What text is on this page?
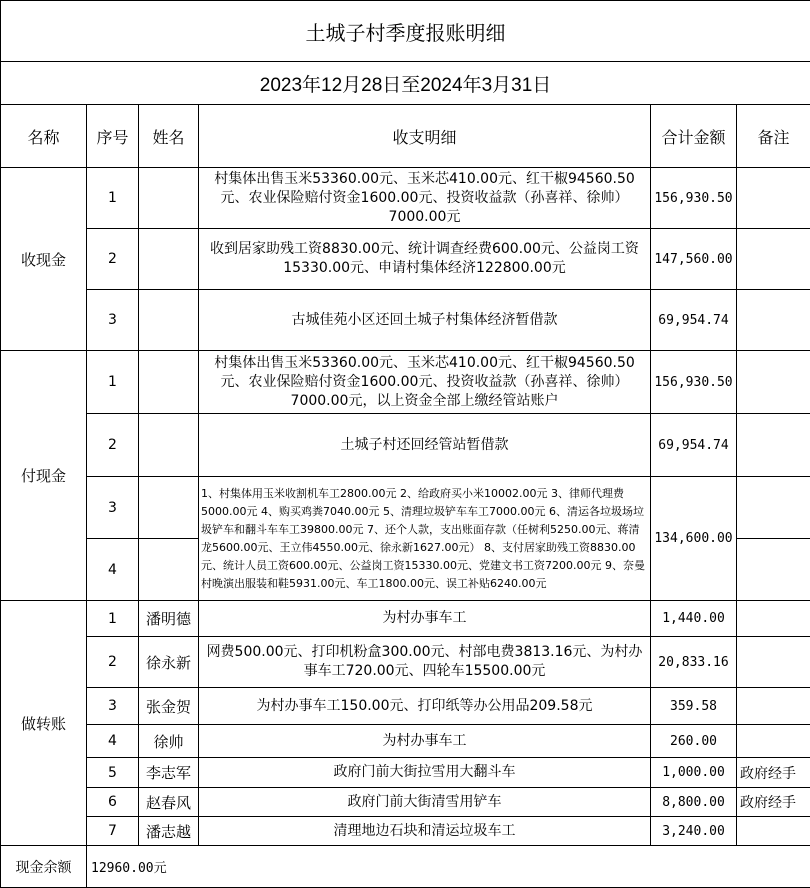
土城子村季度报账明细					
2023年12月28日至2024年3月31日					
名称	序号	姓名	收支明细	合计金额	备注
收现金	1		村集体出售玉米53360.00元、玉米芯410.00元、红干椒94560.50元、农业保险赔付资金1600.00元、投资收益款（孙喜祥、徐帅）7000.00元	156,930.50	
	2		收到居家助残工资8830.00元、统计调查经费600.00元、公益岗工资15330.00元、申请村集体经济122800.00元	147,560.00	
	3		古城佳苑小区还回土城子村集体经济暂借款	69,954.74	
付现金	1		村集体出售玉米53360.00元、玉米芯410.00元、红干椒94560.50元、农业保险赔付资金1600.00元、投资收益款（孙喜祥、徐帅）7000.00元，以上资金全部上缴经管站账户	156,930.50	
	2		土城子村还回经管站暂借款	69,954.74	
	3		1、村集体用玉米收割机车工2800.00元 2、给政府买小米10002.00元 3、律师代理费5000.00元 4、购买鸡粪7040.00元 5、清理垃圾铲车车工7000.00元 6、清运各垃圾场垃圾铲车和翻斗车车工39800.00元 7、还个人款，支出账面存款（任树利5250.00元、蒋清龙5600.00元、王立伟4550.00元、徐永新1627.00元） 8、支付居家助残工资8830.00元、统计人员工资600.00元、公益岗工资15330.00元、党建文书工资7200.00元 9、奈曼村晚演出服装和鞋5931.00元、车工1800.00元、误工补贴6240.00元	134,600.00	
	4				
做转账	1	潘明德	为村办事车工	1,440.00	
	2	徐永新	网费500.00元、打印机粉盒300.00元、村部电费3813.16元、为村办事车工720.00元、四轮车15500.00元	20,833.16	
	3	张金贺	为村办事车工150.00元、打印纸等办公用品209.58元	359.58	
	4	徐帅	为村办事车工	260.00	
	5	李志军	政府门前大街拉雪用大翻斗车	1,000.00	政府经手
	6	赵春风	政府门前大街清雪用铲车	8,800.00	政府经手
	7	潘志越	清理地边石块和清运垃圾车工	3,240.00	
现金余额	12960.00元				
